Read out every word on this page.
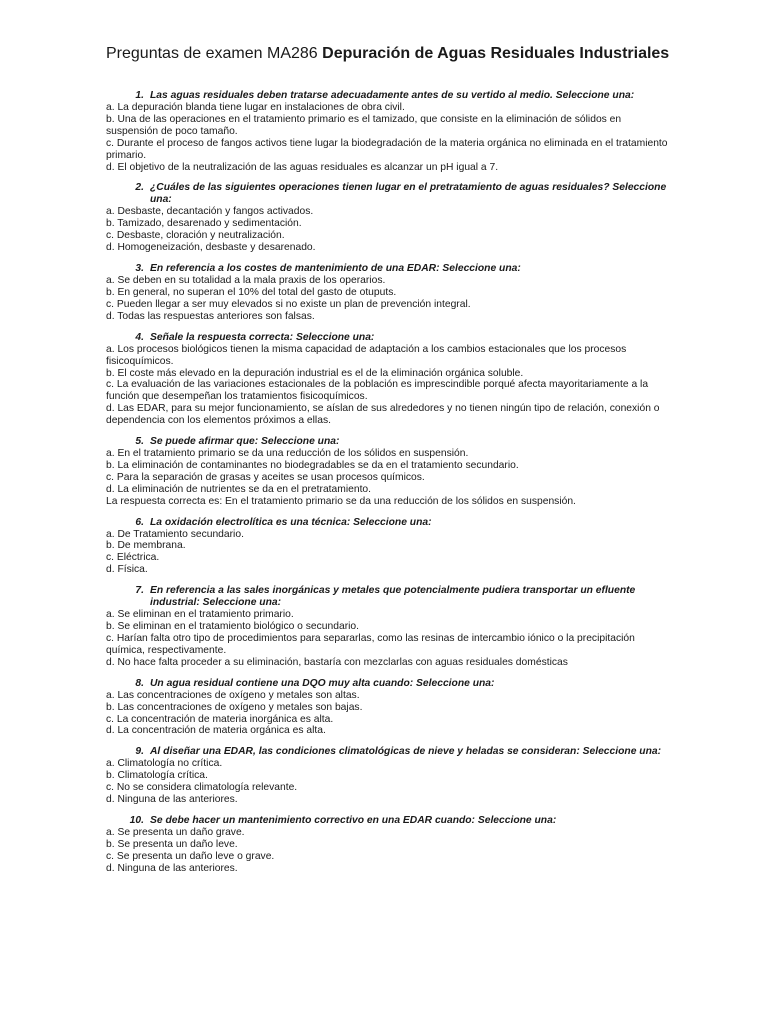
Preguntas de examen MA286 Depuración de Aguas Residuales Industriales
1. Las aguas residuales deben tratarse adecuadamente antes de su vertido al medio. Seleccione una:
a. La depuración blanda tiene lugar en instalaciones de obra civil.
b. Una de las operaciones en el tratamiento primario es el tamizado, que consiste en la eliminación de sólidos en suspensión de poco tamaño.
c. Durante el proceso de fangos activos tiene lugar la biodegradación de la materia orgánica no eliminada en el tratamiento primario.
d. El objetivo de la neutralización de las aguas residuales es alcanzar un pH igual a 7.
2. ¿Cuáles de las siguientes operaciones tienen lugar en el pretratamiento de aguas residuales? Seleccione una:
a. Desbaste, decantación y fangos activados.
b. Tamizado, desarenado y sedimentación.
c. Desbaste, cloración y neutralización.
d. Homogeneización, desbaste y desarenado.
3. En referencia a los costes de mantenimiento de una EDAR: Seleccione una:
a. Se deben en su totalidad a la mala praxis de los operarios.
b. En general, no superan el 10% del total del gasto de otuputs.
c. Pueden llegar a ser muy elevados si no existe un plan de prevención integral.
d. Todas las respuestas anteriores son falsas.
4. Señale la respuesta correcta: Seleccione una:
a. Los procesos biológicos tienen la misma capacidad de adaptación a los cambios estacionales que los procesos fisicoquímicos.
b. El coste más elevado en la depuración industrial es el de la eliminación orgánica soluble.
c. La evaluación de las variaciones estacionales de la población es imprescindible porqué afecta mayoritariamente a la función que desempeñan los tratamientos fisicoquímicos.
d. Las EDAR, para su mejor funcionamiento, se aíslan de sus alrededores y no tienen ningún tipo de relación, conexión o dependencia con los elementos próximos a ellas.
5. Se puede afirmar que: Seleccione una:
a. En el tratamiento primario se da una reducción de los sólidos en suspensión.
b. La eliminación de contaminantes no biodegradables se da en el tratamiento secundario.
c. Para la separación de grasas y aceites se usan procesos químicos.
d. La eliminación de nutrientes se da en el pretratamiento.
La respuesta correcta es: En el tratamiento primario se da una reducción de los sólidos en suspensión.
6. La oxidación electrolítica es una técnica: Seleccione una:
a. De Tratamiento secundario.
b. De membrana.
c. Eléctrica.
d. Física.
7. En referencia a las sales inorgánicas y metales que potencialmente pudiera transportar un efluente industrial: Seleccione una:
a. Se eliminan en el tratamiento primario.
b. Se eliminan en el tratamiento biológico o secundario.
c. Harían falta otro tipo de procedimientos para separarlas, como las resinas de intercambio iónico o la precipitación química, respectivamente.
d. No hace falta proceder a su eliminación, bastaría con mezclarlas con aguas residuales domésticas
8. Un agua residual contiene una DQO muy alta cuando: Seleccione una:
a. Las concentraciones de oxígeno y metales son altas.
b. Las concentraciones de oxígeno y metales son bajas.
c. La concentración de materia inorgánica es alta.
d. La concentración de materia orgánica es alta.
9. Al diseñar una EDAR, las condiciones climatológicas de nieve y heladas se consideran: Seleccione una:
a. Climatología no crítica.
b. Climatología crítica.
c. No se considera climatología relevante.
d. Ninguna de las anteriores.
10. Se debe hacer un mantenimiento correctivo en una EDAR cuando: Seleccione una:
a. Se presenta un daño grave.
b. Se presenta un daño leve.
c. Se presenta un daño leve o grave.
d. Ninguna de las anteriores.
